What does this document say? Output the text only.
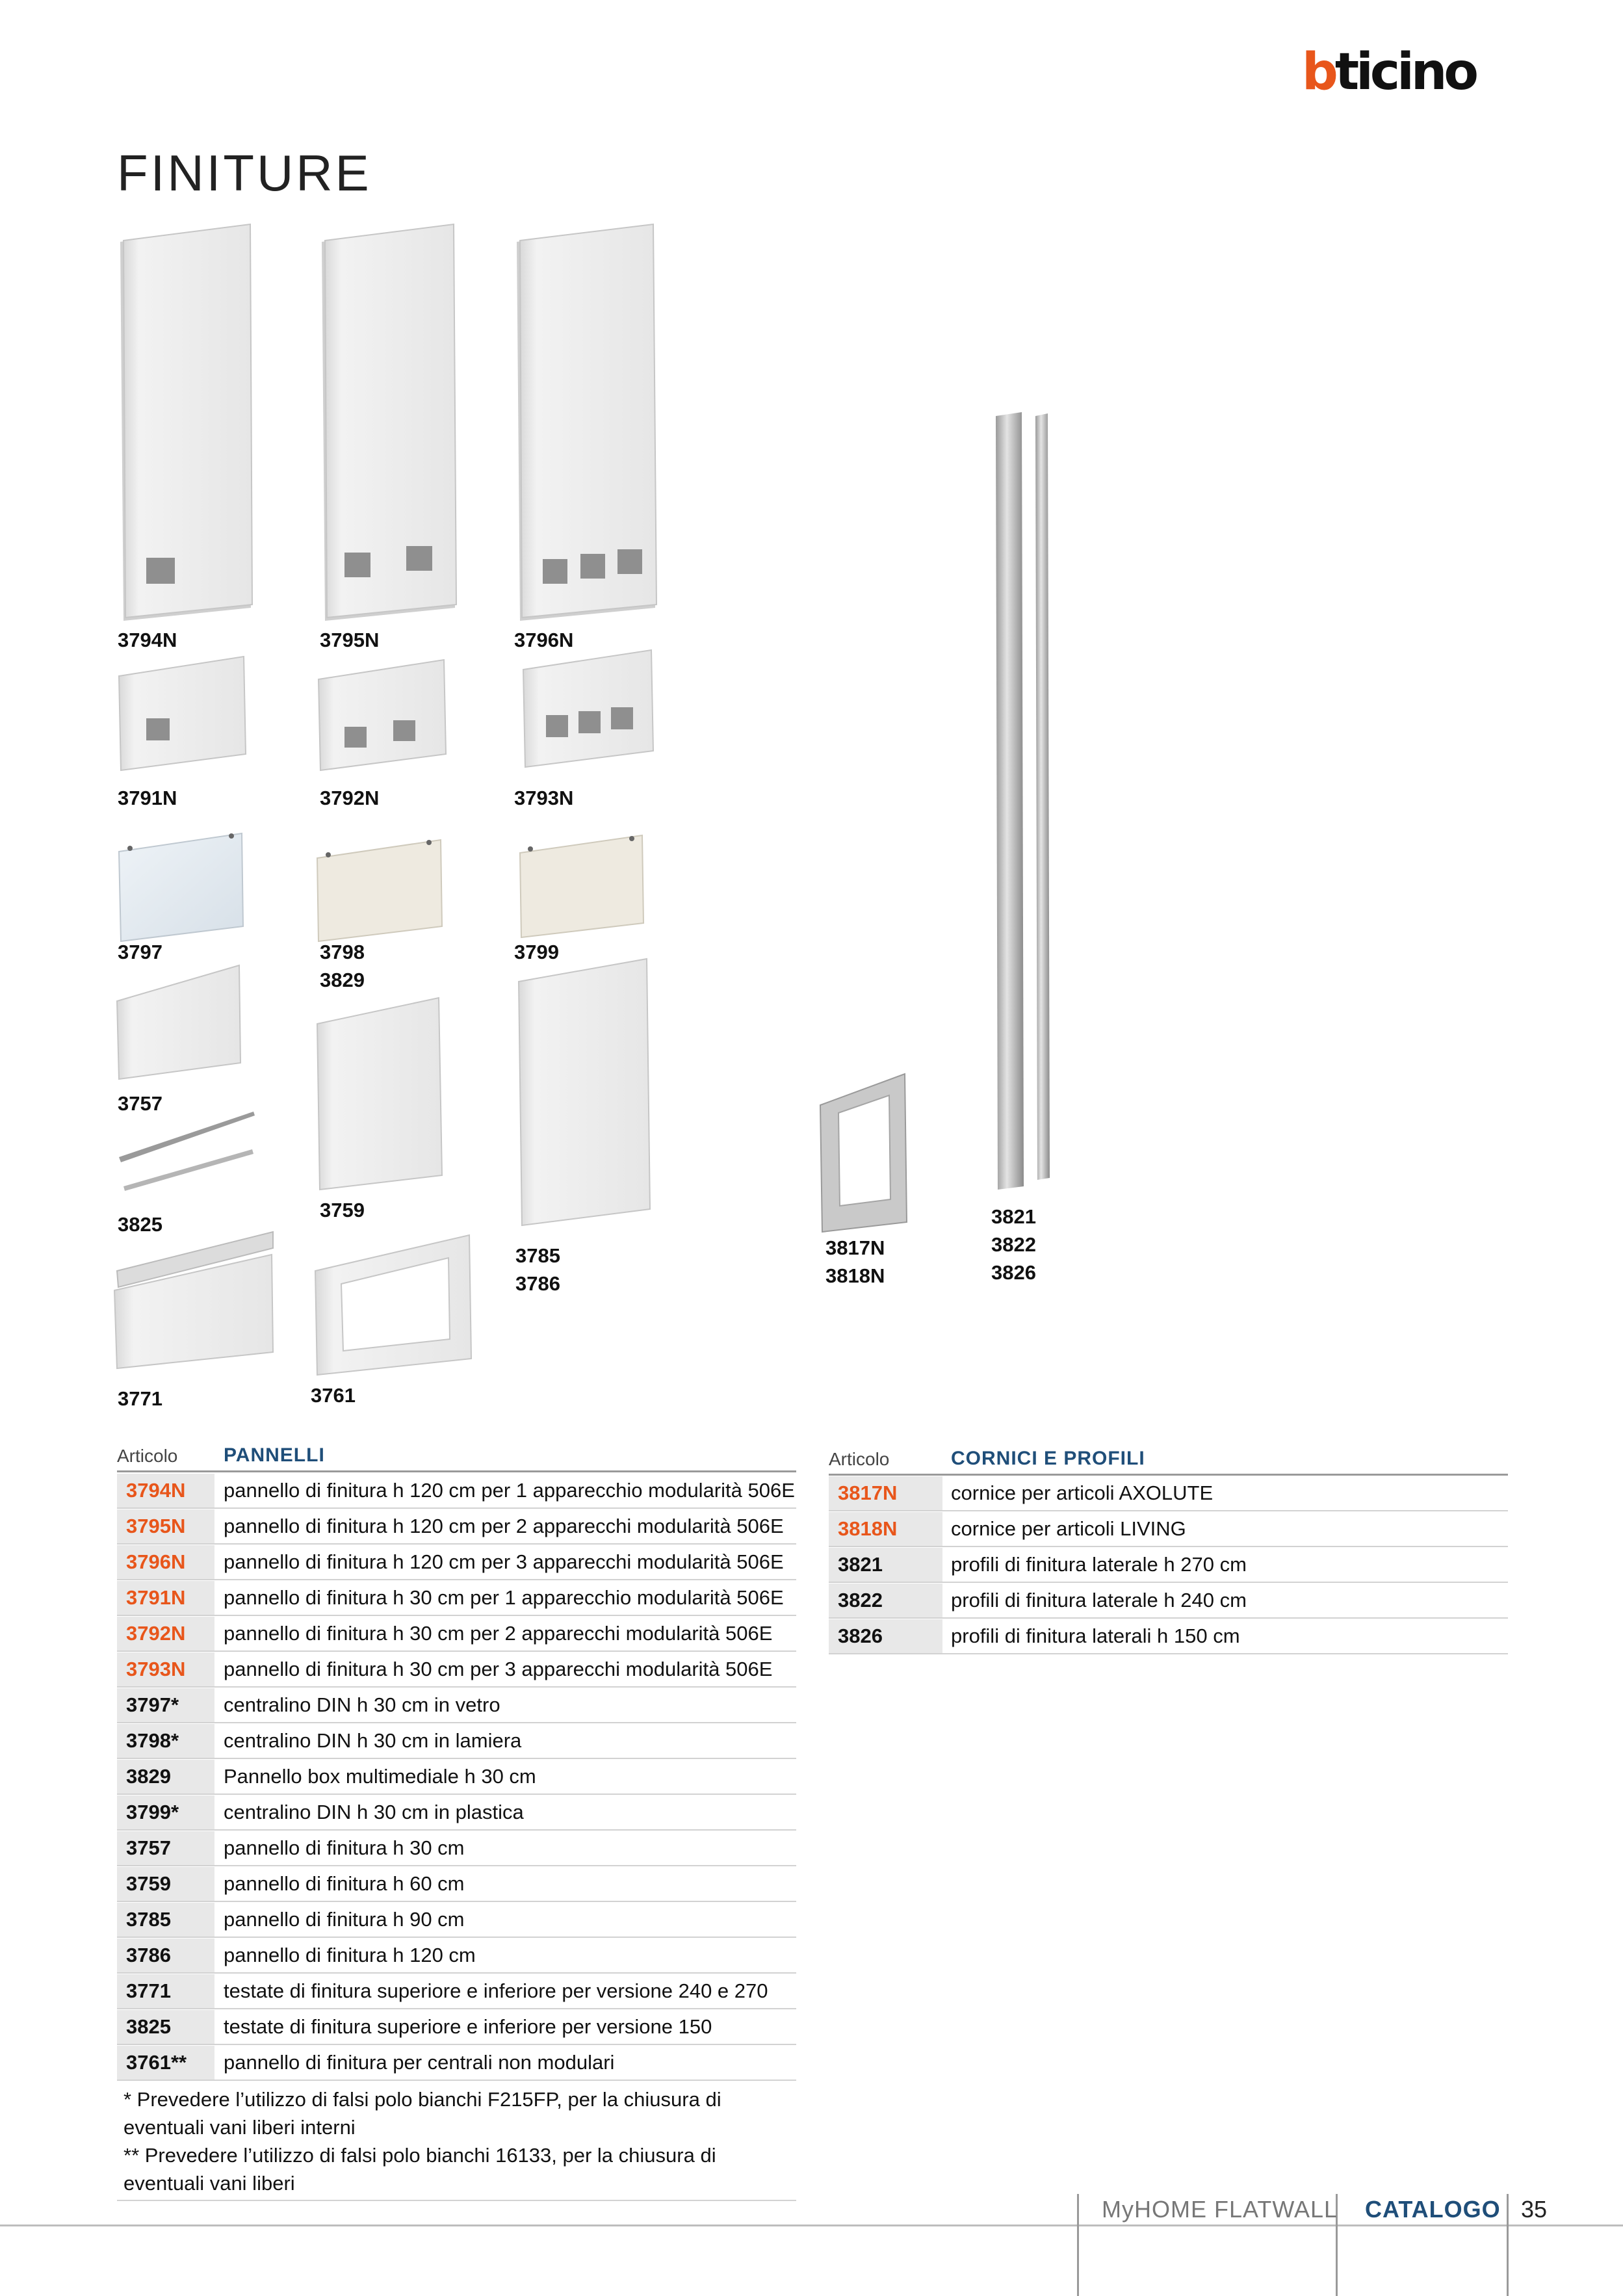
bticino
FINITURE
3794N	3795N	3796N
3791N	3792N	3793N
3797	3798
3829
3799
3757
3825
3759
3785
3786
3771	3761
3817N
3818N
3821
3822
3826
Articolo PANNELLI
3794N	pannello di finitura h 120 cm per 1 apparecchio modularità 506E
3795N	pannello di finitura h 120 cm per 2 apparecchi modularità 506E
3796N	pannello di finitura h 120 cm per 3 apparecchi modularità 506E
3791N	pannello di finitura h 30 cm per 1 apparecchio modularità 506E
3792N	pannello di finitura h 30 cm per 2 apparecchi modularità 506E
3793N	pannello di finitura h 30 cm per 3 apparecchi modularità 506E
3797*	centralino DIN h 30 cm in vetro
3798*	centralino DIN h 30 cm in lamiera
3829	Pannello box multimediale h 30 cm
3799*	centralino DIN h 30 cm in plastica
3757	pannello di finitura h 30 cm
3759	pannello di finitura h 60 cm
3785	pannello di finitura h 90 cm
3786	pannello di finitura h 120 cm
3771	testate di finitura superiore e inferiore per versione 240 e 270
3825	testate di finitura superiore e inferiore per versione 150
3761**	pannello di finitura per centrali non modulari
* Prevedere l’utilizzo di falsi polo bianchi F215FP, per la chiusura di eventuali vani liberi interni
** Prevedere l’utilizzo di falsi polo bianchi 16133, per la chiusura di eventuali vani liberi
Articolo	CORNICI E PROFILI
3817N	cornice per articoli AXOLUTE
3818N	cornice per articoli LIVING
3821	profili di finitura laterale h 270 cm
3822	profili di finitura laterale h 240 cm
3826	profili di finitura laterali h 150 cm
MyHOME FLATWALL CATALOGO 35
